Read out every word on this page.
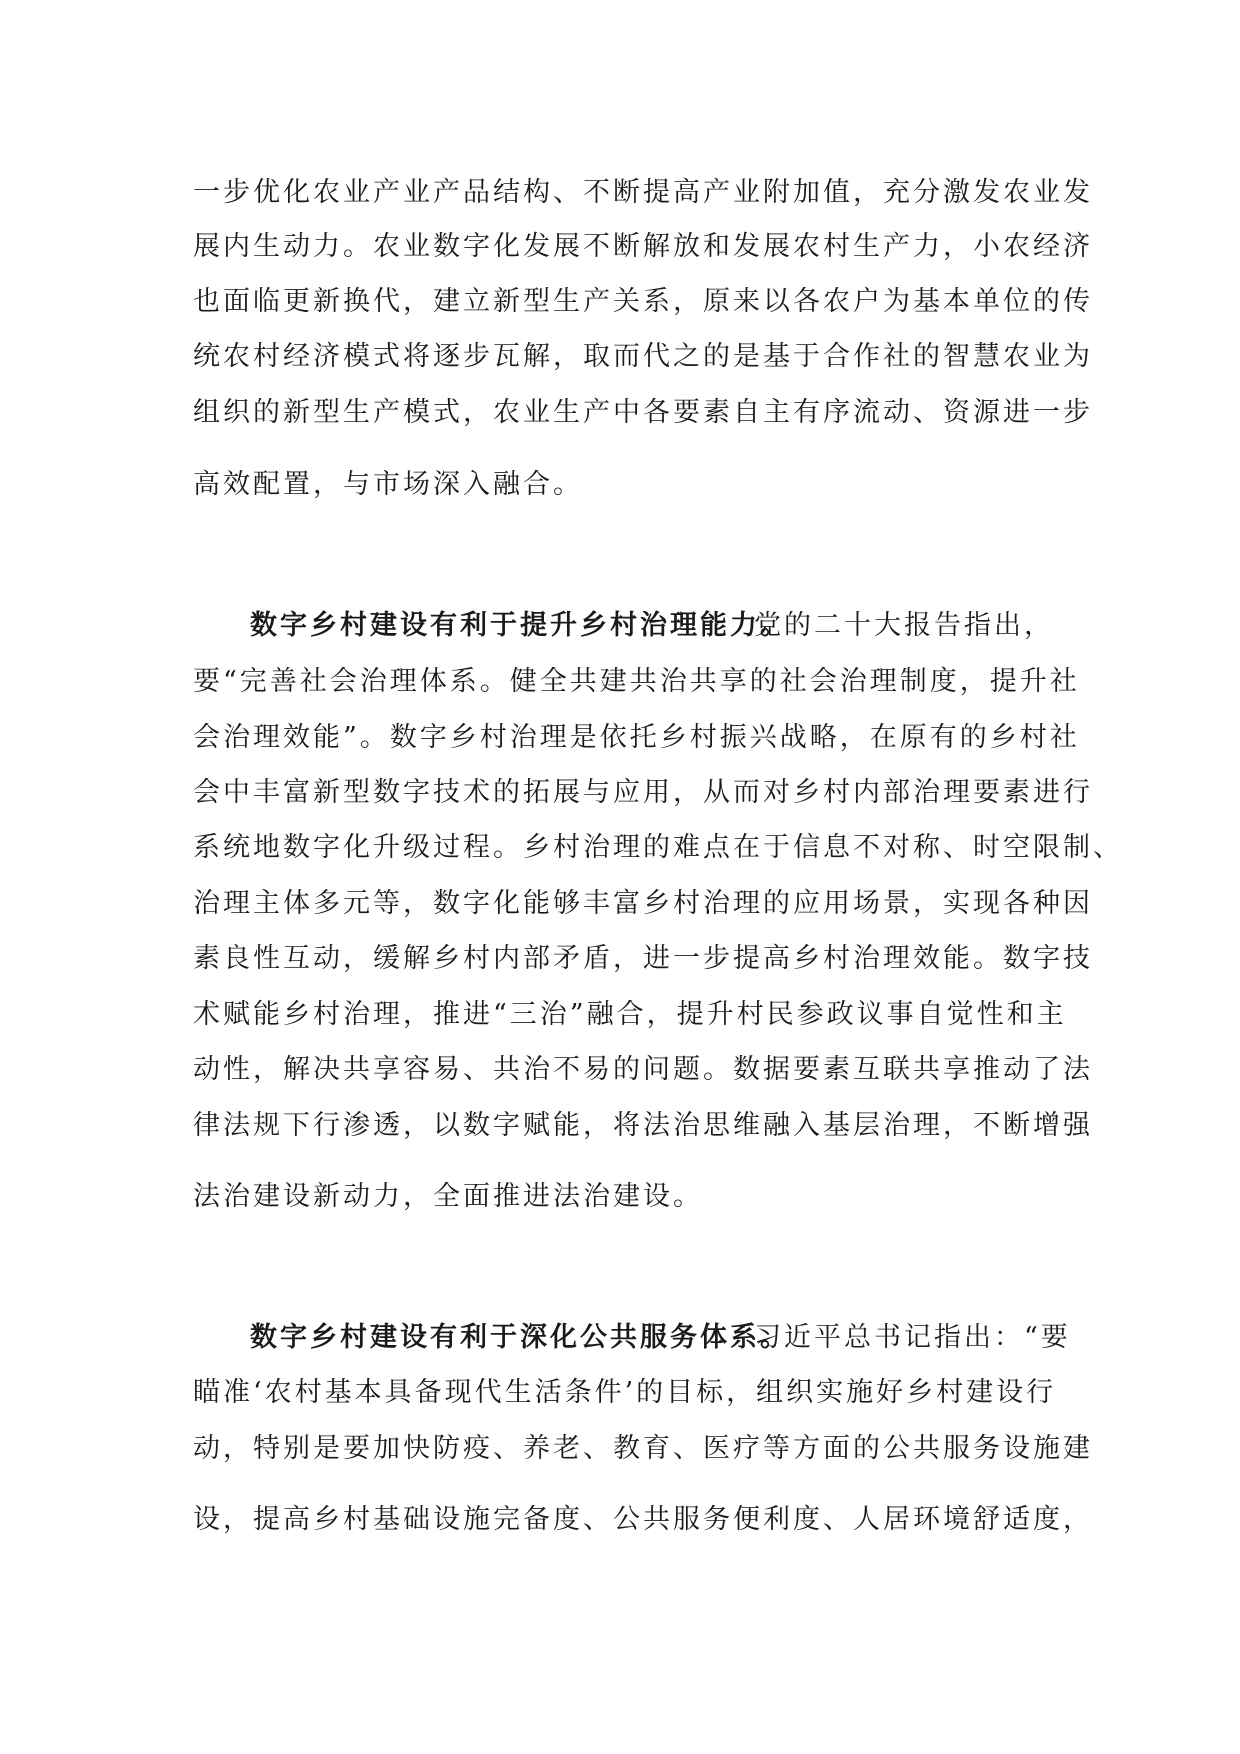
一步优化农业产业产品结构、不断提高产业附加值，充分激发农业发
展内生动力。农业数字化发展不断解放和发展农村生产力，小农经济
也面临更新换代，建立新型生产关系，原来以各农户为基本单位的传
统农村经济模式将逐步瓦解，取而代之的是基于合作社的智慧农业为
组织的新型生产模式，农业生产中各要素自主有序流动、资源进一步
高效配置，与市场深入融合。
数字乡村建设有利于提升乡村治理能力。
党的二十大报告指出，
要“完善社会治理体系。健全共建共治共享的社会治理制度，提升社
会治理效能”。数字乡村治理是依托乡村振兴战略，在原有的乡村社
会中丰富新型数字技术的拓展与应用，从而对乡村内部治理要素进行
系统地数字化升级过程。乡村治理的难点在于信息不对称、时空限制、
治理主体多元等，数字化能够丰富乡村治理的应用场景，实现各种因
素良性互动，缓解乡村内部矛盾，进一步提高乡村治理效能。数字技
术赋能乡村治理，推进“三治”融合，提升村民参政议事自觉性和主
动性，解决共享容易、共治不易的问题。数据要素互联共享推动了法
律法规下行渗透，以数字赋能，将法治思维融入基层治理，不断增强
法治建设新动力，全面推进法治建设。
数字乡村建设有利于深化公共服务体系。
习近平总书记指出：“要
瞄准‘农村基本具备现代生活条件’的目标，组织实施好乡村建设行
动，特别是要加快防疫、养老、教育、医疗等方面的公共服务设施建
设，提高乡村基础设施完备度、公共服务便利度、人居环境舒适度，
